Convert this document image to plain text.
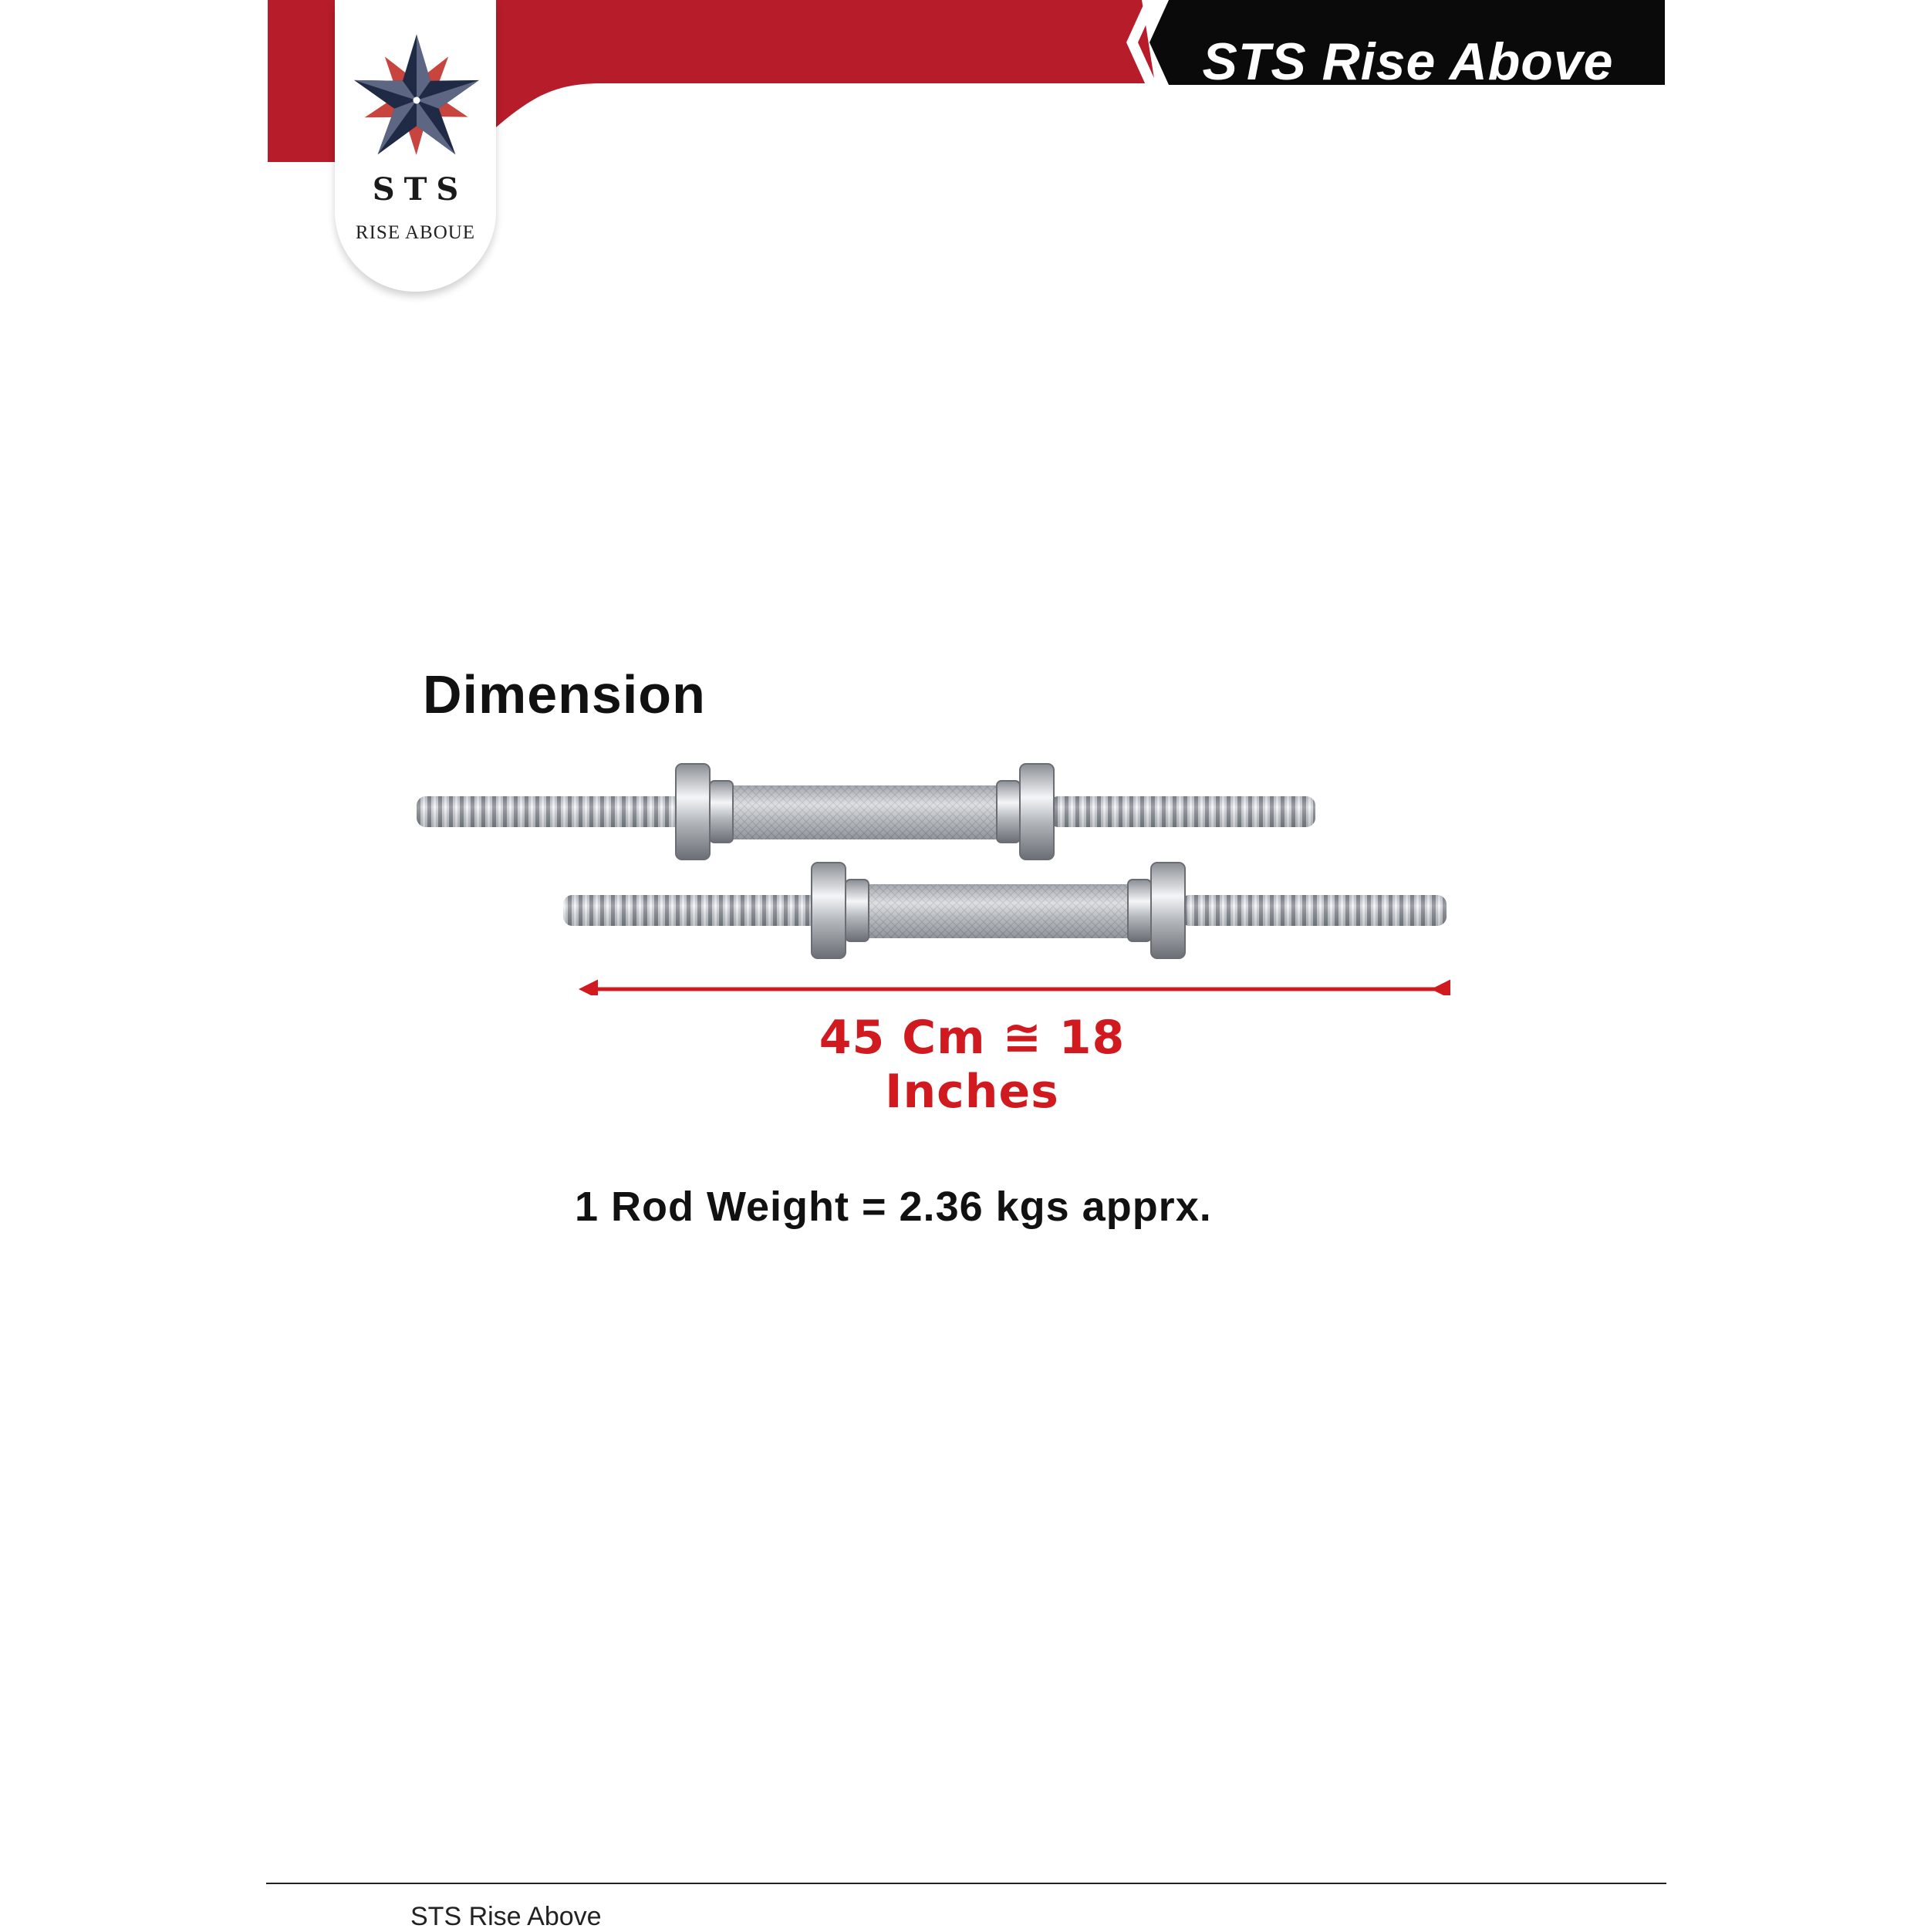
STS Rise Above
STS
RISE ABOUE
Dimension
45 Cm ≅ 18 Inches
1 Rod Weight = 2.36 kgs apprx.
STS Rise Above
